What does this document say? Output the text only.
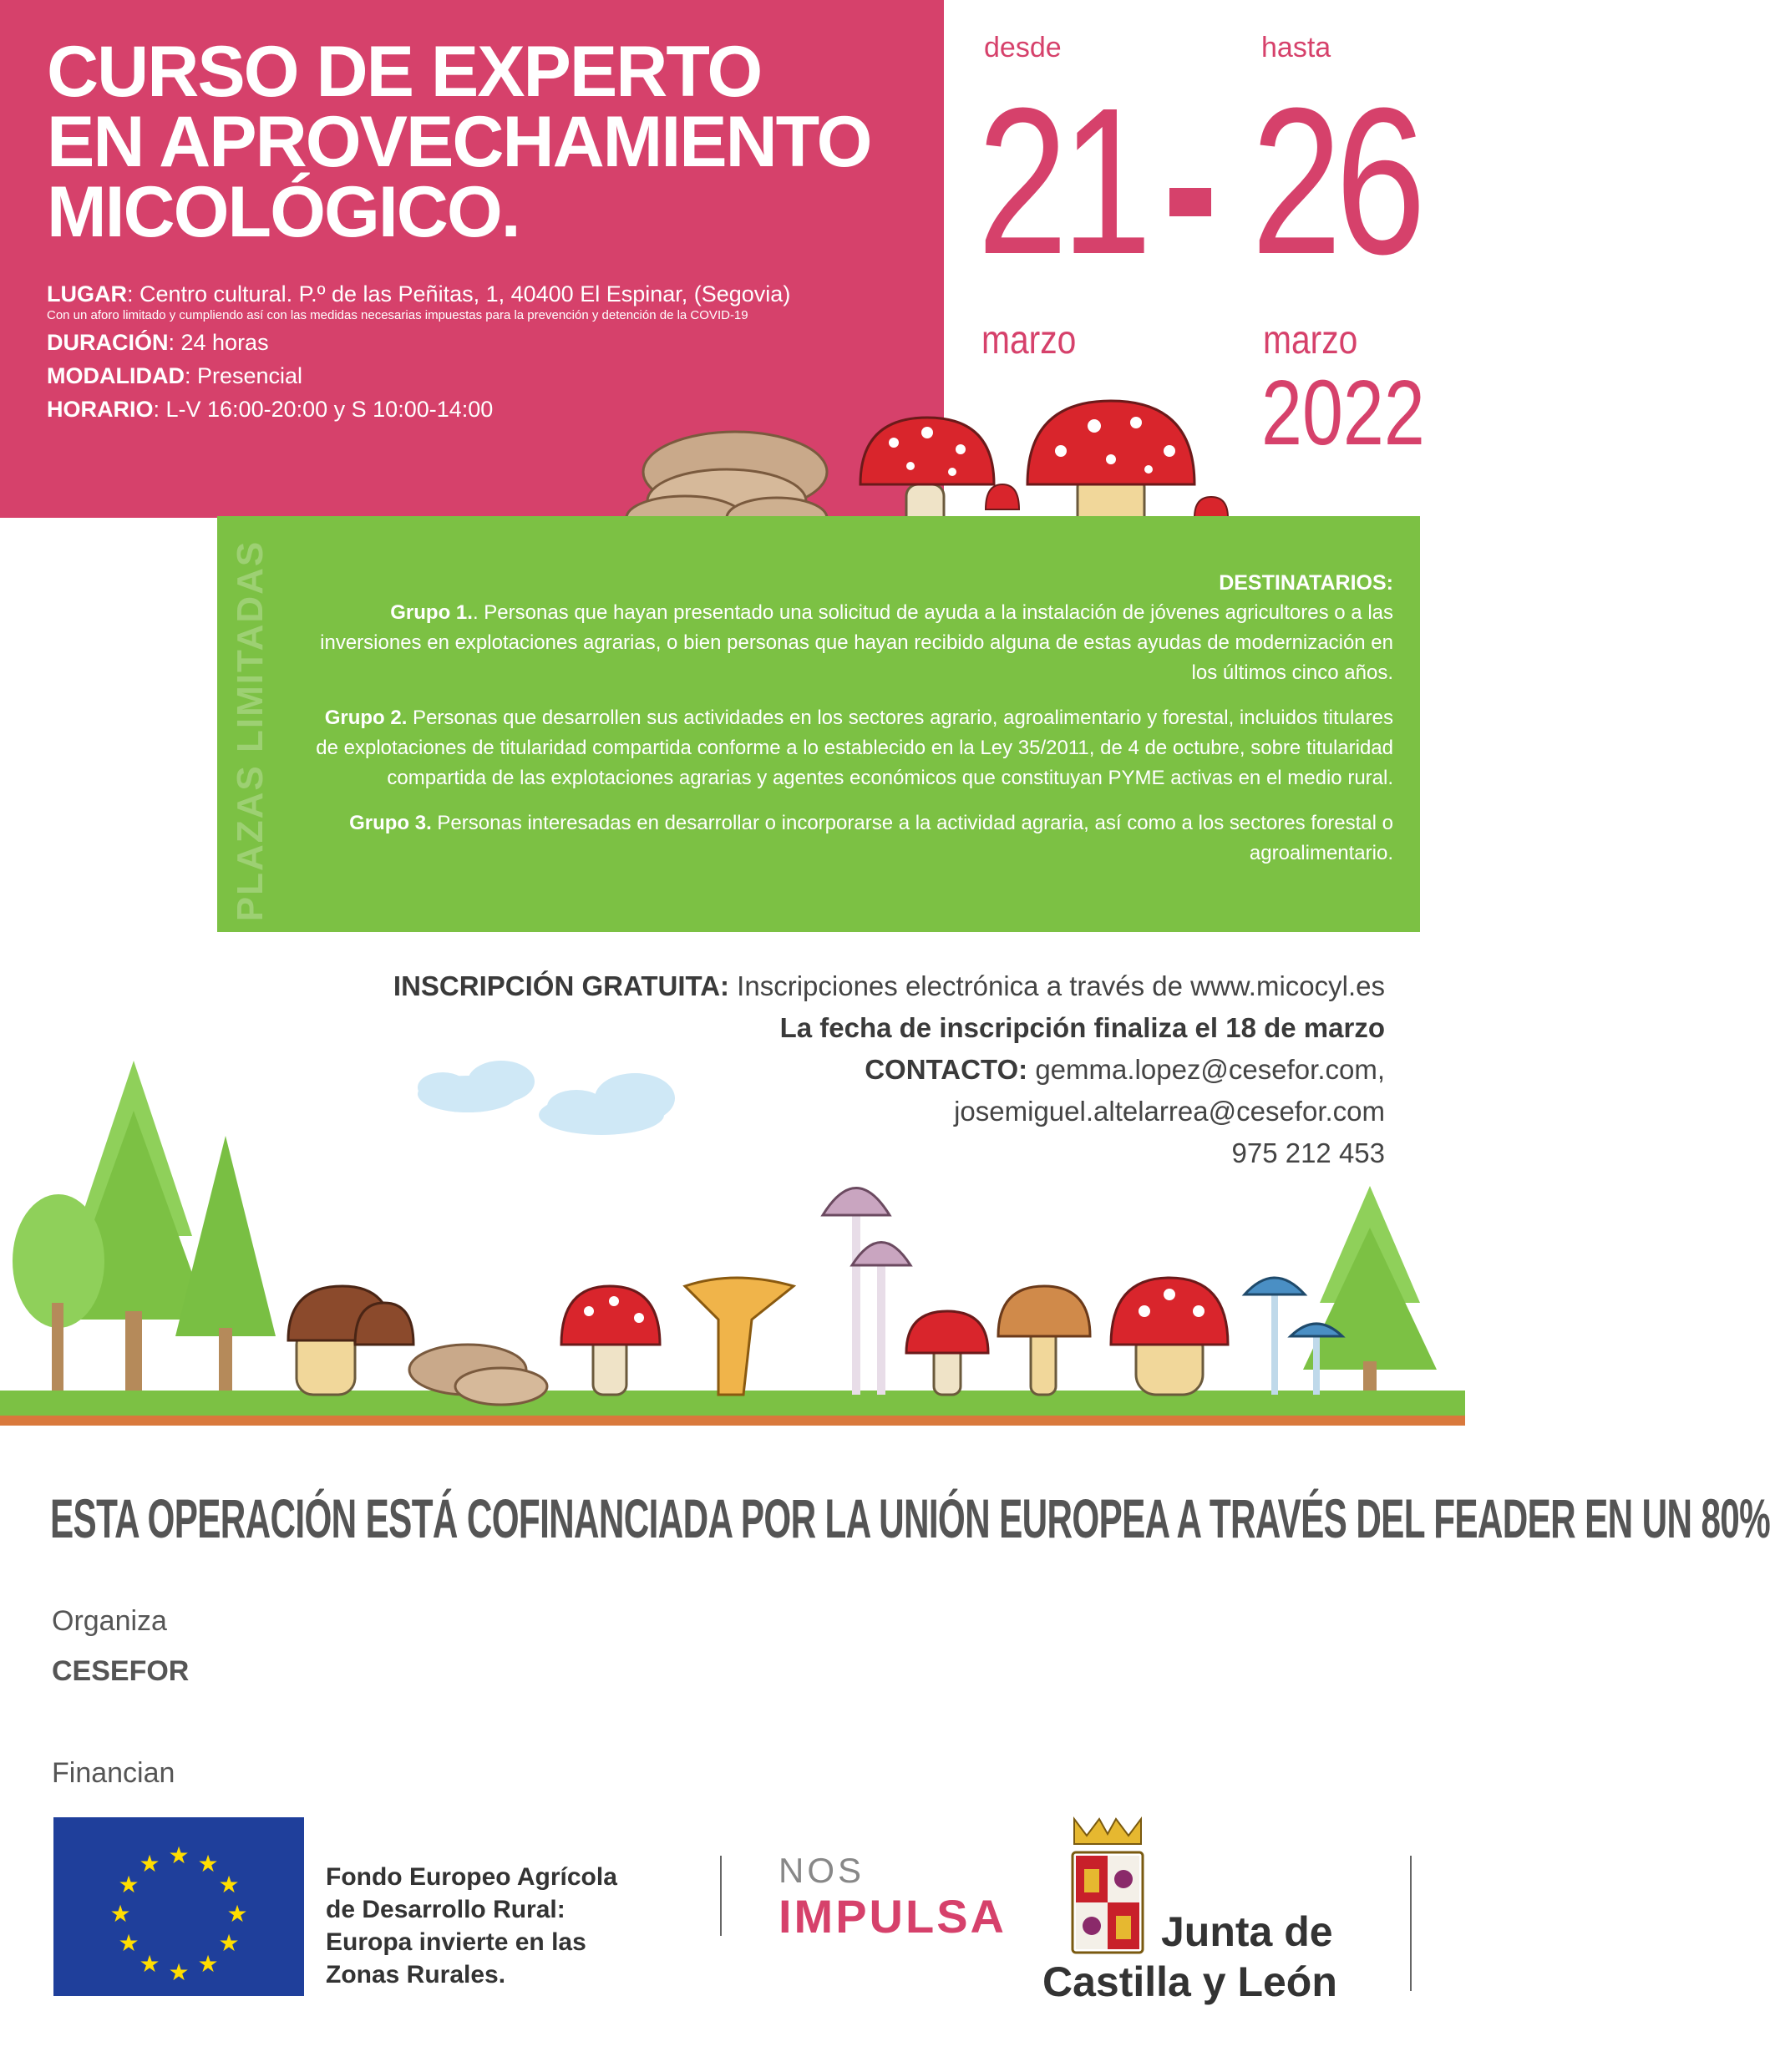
CURSO DE EXPERTO
EN APROVECHAMIENTO
MICOLÓGICO.
LUGAR: Centro cultural. P.º de las Peñitas, 1, 40400 El Espinar, (Segovia)
Con un aforo limitado y cumpliendo así con las medidas necesarias impuestas para la prevención y detención de la COVID-19
DURACIÓN: 24 horas
MODALIDAD: Presencial
HORARIO: L-V 16:00-20:00 y S 10:00-14:00
desde	hasta
21 26
marzo	marzo
2022
PLAZAS LIMITADAS	DESTINATARIOS:

Grupo 1.. Personas que hayan presentado una solicitud de ayuda a la instalación de jóvenes agricultores o a las inversiones en explotaciones agrarias, o bien personas que hayan recibido alguna de estas ayudas de modernización en los últimos cinco años.

Grupo 2. Personas que desarrollen sus actividades en los sectores agrario, agroalimentario y forestal, incluidos titulares de explotaciones de titularidad compartida conforme a lo establecido en la Ley 35/2011, de 4 de octubre, sobre titularidad compartida de las explotaciones agrarias y agentes económicos que constituyan PYME activas en el medio rural.

Grupo 3. Personas interesadas en desarrollar o incorporarse a la actividad agraria, así como a los sectores forestal o agroalimentario.

INSCRIPCIÓN GRATUITA: Inscripciones electrónica a través de www.micocyl.es
La fecha de inscripción finaliza el 18 de marzo
CONTACTO: gemma.lopez@cesefor.com,
josemiguel.altelarrea@cesefor.com
975 212 453
ESTA OPERACIÓN ESTÁ COFINANCIADA POR LA UNIÓN EUROPEA A TRAVÉS DEL FEADER EN UN 80%
Organiza
CESEFOR
Financian
★ ★
★
★
★
★
★
★
★
★
★
★	Fondo Europeo Agrícola
de Desarrollo Rural:
Europa invierte en las
Zonas Rurales.
NOS
IMPULSA	Junta de
Castilla y León
